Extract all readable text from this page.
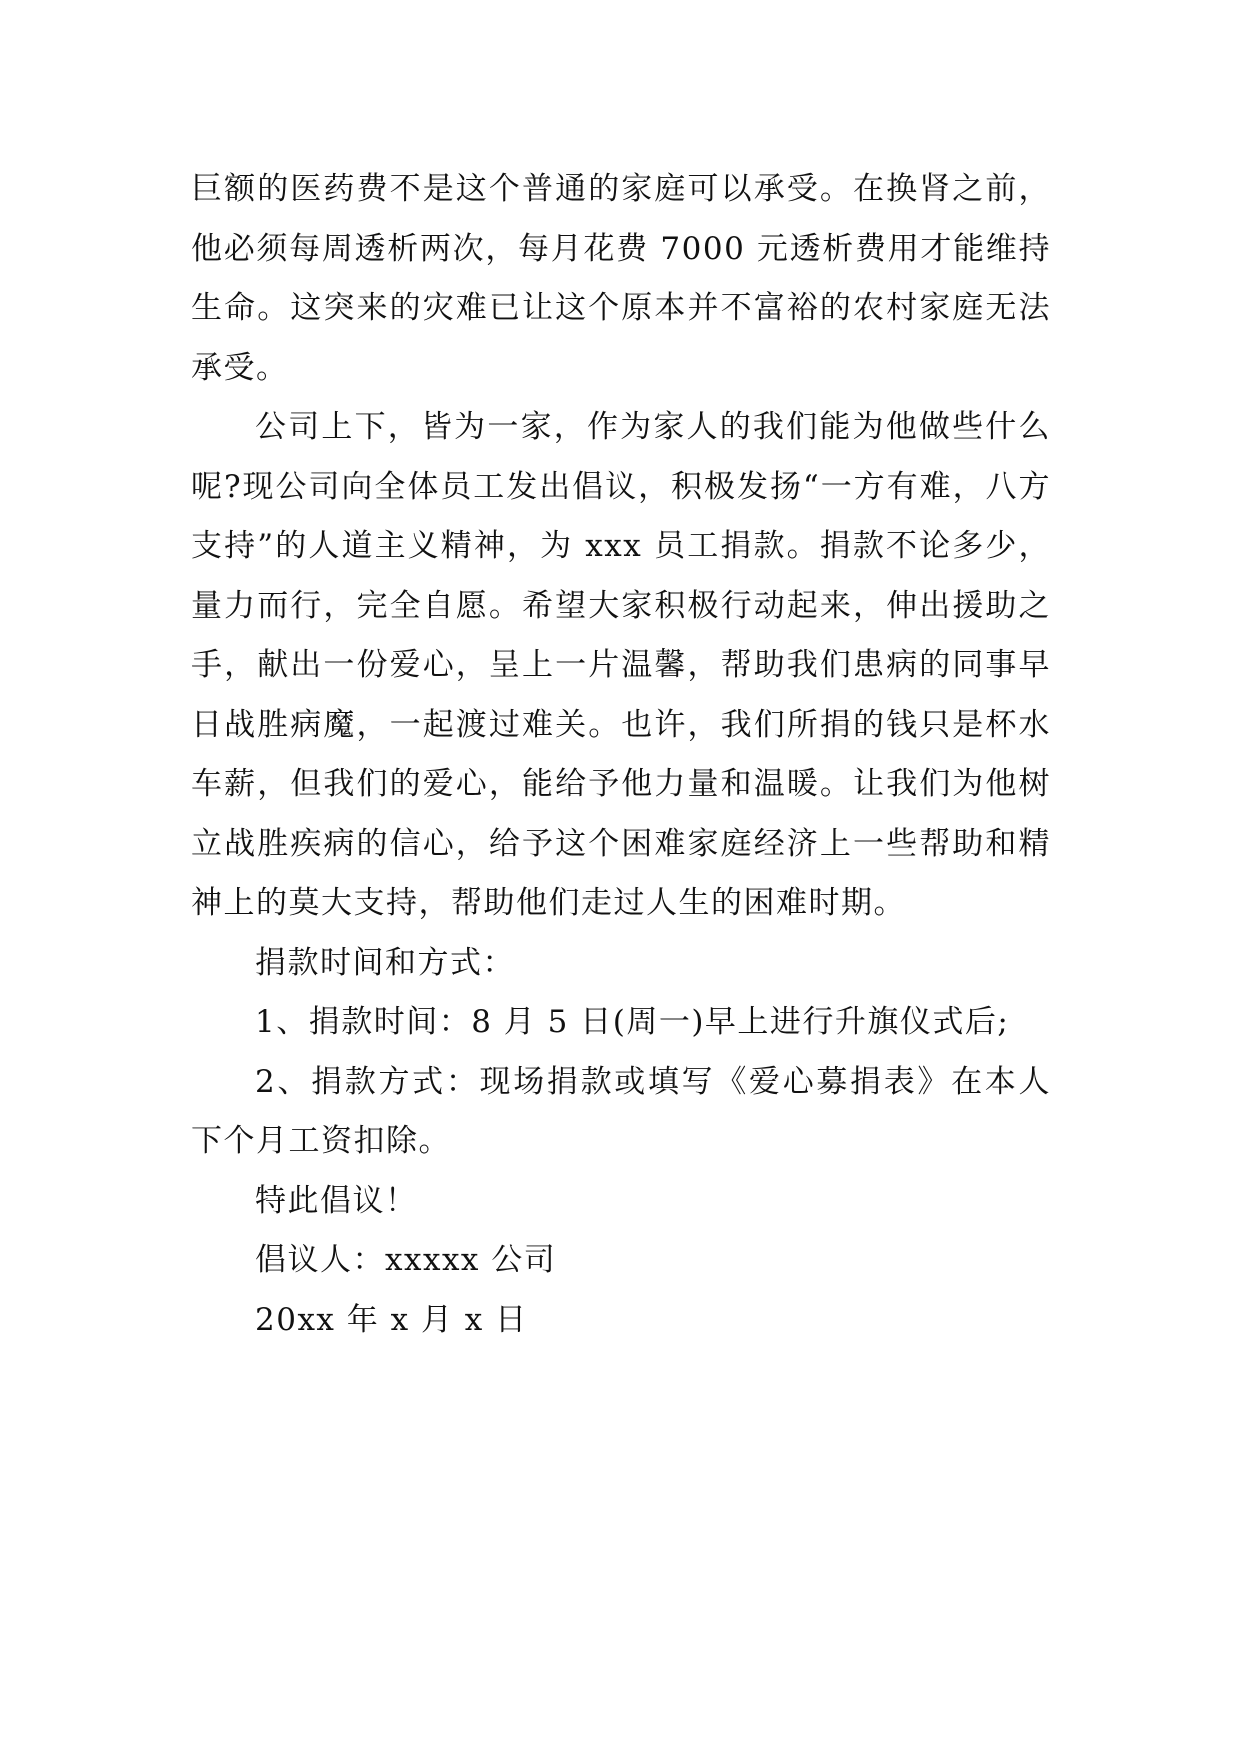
巨额的医药费不是这个普通的家庭可以承受。在换肾之前，他必须每周透析两次，每月花费 7000 元透析费用才能维持生命。这突来的灾难已让这个原本并不富裕的农村家庭无法承受。

公司上下，皆为一家，作为家人的我们能为他做些什么呢?现公司向全体员工发出倡议，积极发扬“一方有难，八方支持”的人道主义精神，为 xxx 员工捐款。捐款不论多少，量力而行，完全自愿。希望大家积极行动起来，伸出援助之手，献出一份爱心，呈上一片温馨，帮助我们患病的同事早日战胜病魔，一起渡过难关。也许，我们所捐的钱只是杯水车薪，但我们的爱心，能给予他力量和温暖。让我们为他树立战胜疾病的信心，给予这个困难家庭经济上一些帮助和精神上的莫大支持，帮助他们走过人生的困难时期。

捐款时间和方式：

1、捐款时间：8 月 5 日(周一)早上进行升旗仪式后;

2、捐款方式：现场捐款或填写《爱心募捐表》在本人下个月工资扣除。

特此倡议！

倡议人：xxxxx 公司

20xx 年 x 月 x 日
